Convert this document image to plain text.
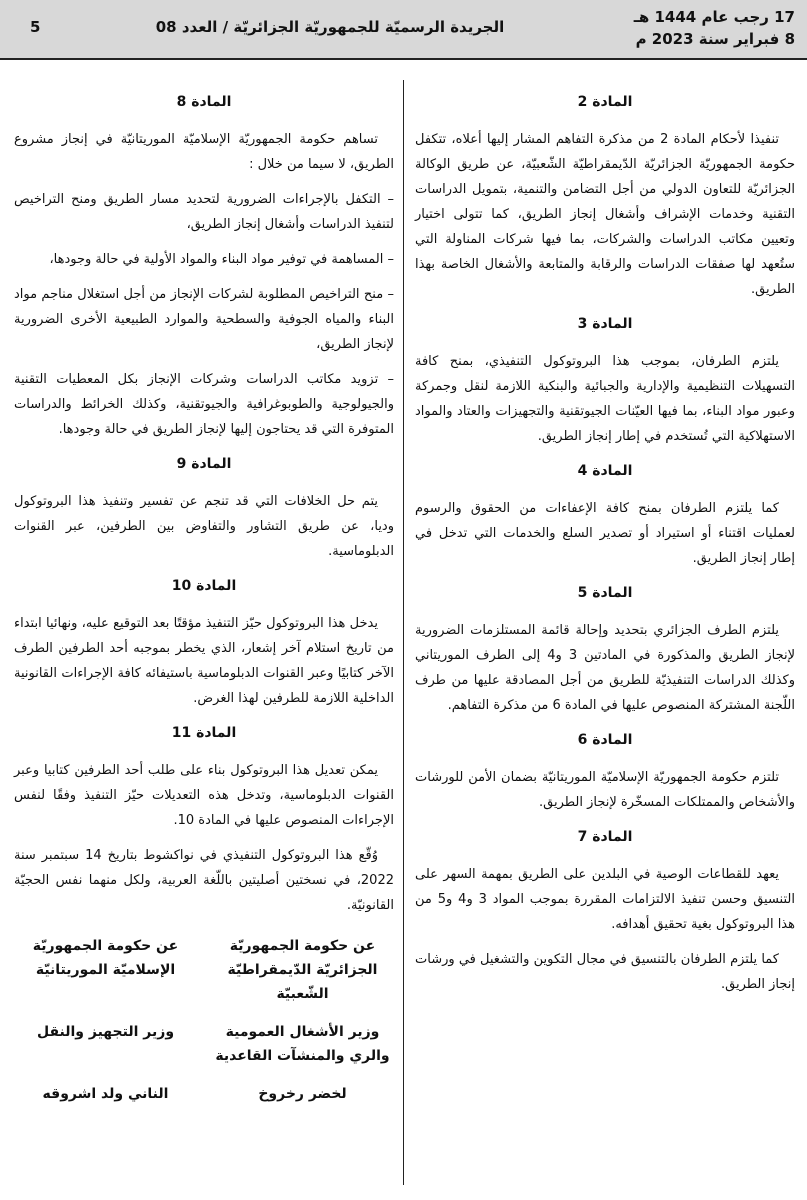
17 رجب عام 1444 هـ
8 فبراير سنة 2023 م
الجريدة الرسميّة للجمهوريّة الجزائريّة / العدد 08
5
المادة 2

تنفيذا لأحكام المادة 2 من مذكرة التفاهم المشار إليها أعلاه، تتكفل حكومة الجمهوريّة الجزائريّة الدّيمقراطيّة الشّعبيّة، عن طريق الوكالة الجزائريّة للتعاون الدولي من أجل التضامن والتنمية، بتمويل الدراسات التقنية وخدمات الإشراف وأشغال إنجاز الطريق، كما تتولى اختيار وتعيين مكاتب الدراسات والشركات، بما فيها شركات المناولة التي ستُعهد لها صفقات الدراسات والرقابة والمتابعة والأشغال الخاصة بهذا الطريق.

المادة 3

يلتزم الطرفان، بموجب هذا البروتوكول التنفيذي، بمنح كافة التسهيلات التنظيمية والإدارية والجبائية والبنكية اللازمة لنقل وجمركة وعبور مواد البناء، بما فيها العيّنات الجيوتقنية والتجهيزات والعتاد والمواد الاستهلاكية التي تُستخدم في إطار إنجاز الطريق.

المادة 4

كما يلتزم الطرفان بمنح كافة الإعفاءات من الحقوق والرسوم لعمليات اقتناء أو استيراد أو تصدير السلع والخدمات التي تدخل في إطار إنجاز الطريق.

المادة 5

يلتزم الطرف الجزائري بتحديد وإحالة قائمة المستلزمات الضرورية لإنجاز الطريق والمذكورة في المادتين 3 و4 إلى الطرف الموريتاني وكذلك الدراسات التنفيذيّة للطريق من أجل المصادقة عليها من طرف اللّجنة المشتركة المنصوص عليها في المادة 6 من مذكرة التفاهم.

المادة 6

تلتزم حكومة الجمهوريّة الإسلاميّة الموريتانيّة بضمان الأمن للورشات والأشخاص والممتلكات المسخّرة لإنجاز الطريق.

المادة 7

يعهد للقطاعات الوصية في البلدين على الطريق بمهمة السهر على التنسيق وحسن تنفيذ الالتزامات المقررة بموجب المواد 3 و4 و5 من هذا البروتوكول بغية تحقيق أهدافه.

كما يلتزم الطرفان بالتنسيق في مجال التكوين والتشغيل في ورشات إنجاز الطريق.

المادة 8

تساهم حكومة الجمهوريّة الإسلاميّة الموريتانيّة في إنجاز مشروع الطريق، لا سيما من خلال :

– التكفل بالإجراءات الضرورية لتحديد مسار الطريق ومنح التراخيص لتنفيذ الدراسات وأشغال إنجاز الطريق،

– المساهمة في توفير مواد البناء والمواد الأولية في حالة وجودها،

– منح التراخيص المطلوبة لشركات الإنجاز من أجل استغلال مناجم مواد البناء والمياه الجوفية والسطحية والموارد الطبيعية الأخرى الضرورية لإنجاز الطريق،

– تزويد مكاتب الدراسات وشركات الإنجاز بكل المعطيات التقنية والجيولوجية والطوبوغرافية والجيوتقنية، وكذلك الخرائط والدراسات المتوفرة التي قد يحتاجون إليها لإنجاز الطريق في حالة وجودها.

المادة 9

يتم حل الخلافات التي قد تنجم عن تفسير وتنفيذ هذا البروتوكول وديا، عن طريق التشاور والتفاوض بين الطرفين، عبر القنوات الدبلوماسية.

المادة 10

يدخل هذا البروتوكول حيّز التنفيذ مؤقتًا بعد التوقيع عليه، ونهائيا ابتداء من تاريخ استلام آخر إشعار، الذي يخطر بموجبه أحد الطرفين الطرف الآخر كتابيًا وعبر القنوات الدبلوماسية باستيفائه كافة الإجراءات القانونية الداخلية اللازمة للطرفين لهذا الغرض.

المادة 11

يمكن تعديل هذا البروتوكول بناء على طلب أحد الطرفين كتابيا وعبر القنوات الدبلوماسية، وتدخل هذه التعديلات حيّز التنفيذ وفقًا لنفس الإجراءات المنصوص عليها في المادة 10.

وُقّع هذا البروتوكول التنفيذي في نواكشوط بتاريخ 14 سبتمبر سنة 2022، في نسختين أصليتين باللّغة العربية، ولكل منهما نفس الحجيّة القانونيّة.

عن حكومة الجمهوريّة الجزائريّة الدّيمقراطيّة الشّعبيّة
عن حكومة الجمهوريّة الإسلاميّة الموريتانيّة
وزير الأشغال العمومية والري والمنشآت القاعدية
وزير التجهيز والنقل
لخضر رخروخ
الناني ولد اشروقه
